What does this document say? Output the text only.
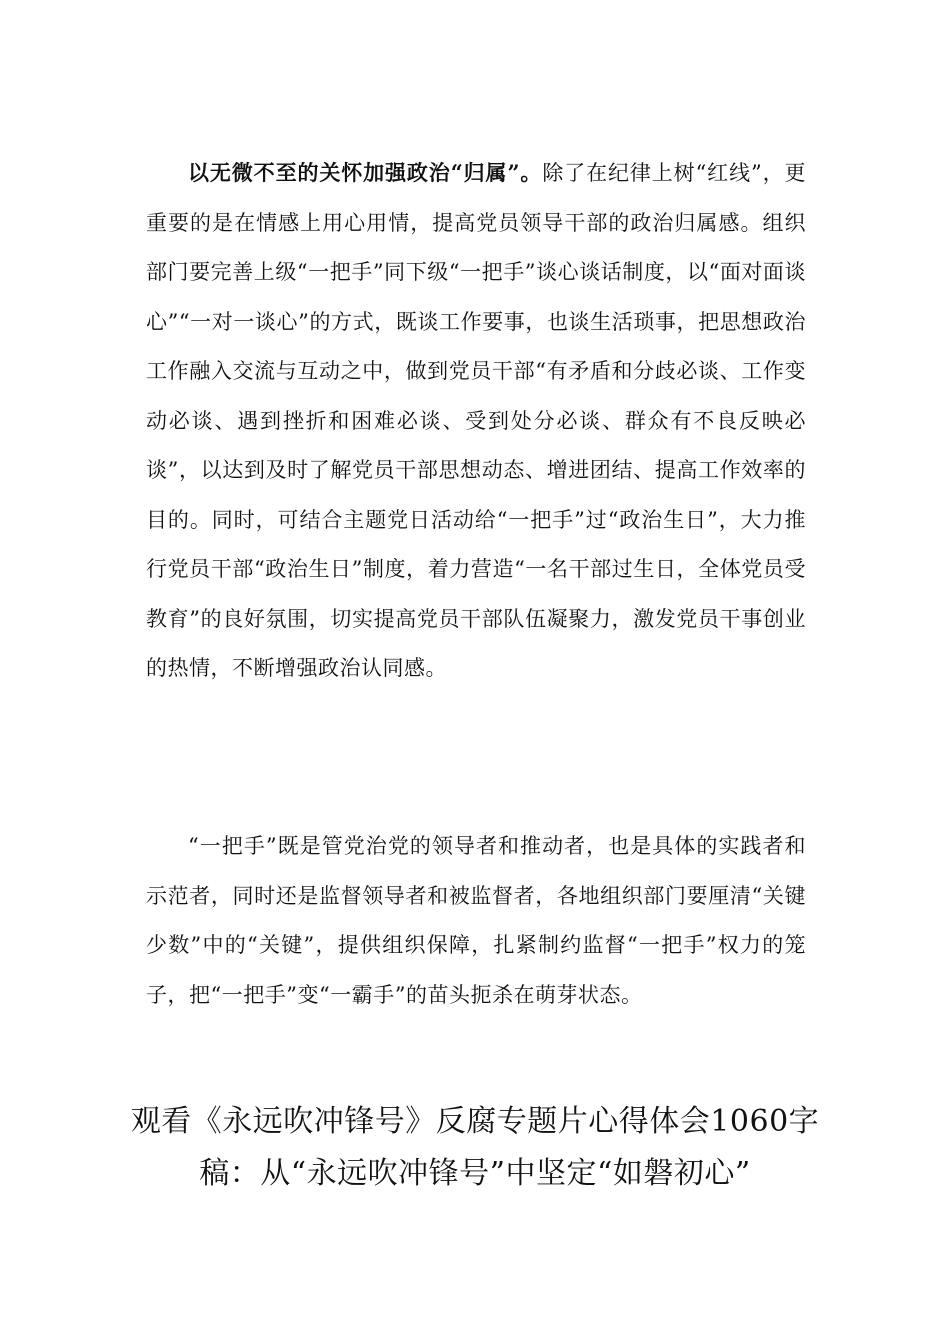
以无微不至的关怀加强政治“归属”。除了在纪律上树“红线”，更重要的是在情感上用心用情，提高党员领导干部的政治归属感。组织部门要完善上级“一把手”同下级“一把手”谈心谈话制度，以“面对面谈心”“一对一谈心”的方式，既谈工作要事，也谈生活琐事，把思想政治工作融入交流与互动之中，做到党员干部“有矛盾和分歧必谈、工作变动必谈、遇到挫折和困难必谈、受到处分必谈、群众有不良反映必谈”，以达到及时了解党员干部思想动态、增进团结、提高工作效率的目的。同时，可结合主题党日活动给“一把手”过“政治生日”，大力推行党员干部“政治生日”制度，着力营造“一名干部过生日，全体党员受教育”的良好氛围，切实提高党员干部队伍凝聚力，激发党员干事创业的热情，不断增强政治认同感。

“一把手”既是管党治党的领导者和推动者，也是具体的实践者和示范者，同时还是监督领导者和被监督者，各地组织部门要厘清“关键少数”中的“关键”，提供组织保障，扎紧制约监督“一把手”权力的笼子，把“一把手”变“一霸手”的苗头扼杀在萌芽状态。

观看《永远吹冲锋号》反腐专题片心得体会1060字
稿：从“永远吹冲锋号”中坚定“如磐初心”
